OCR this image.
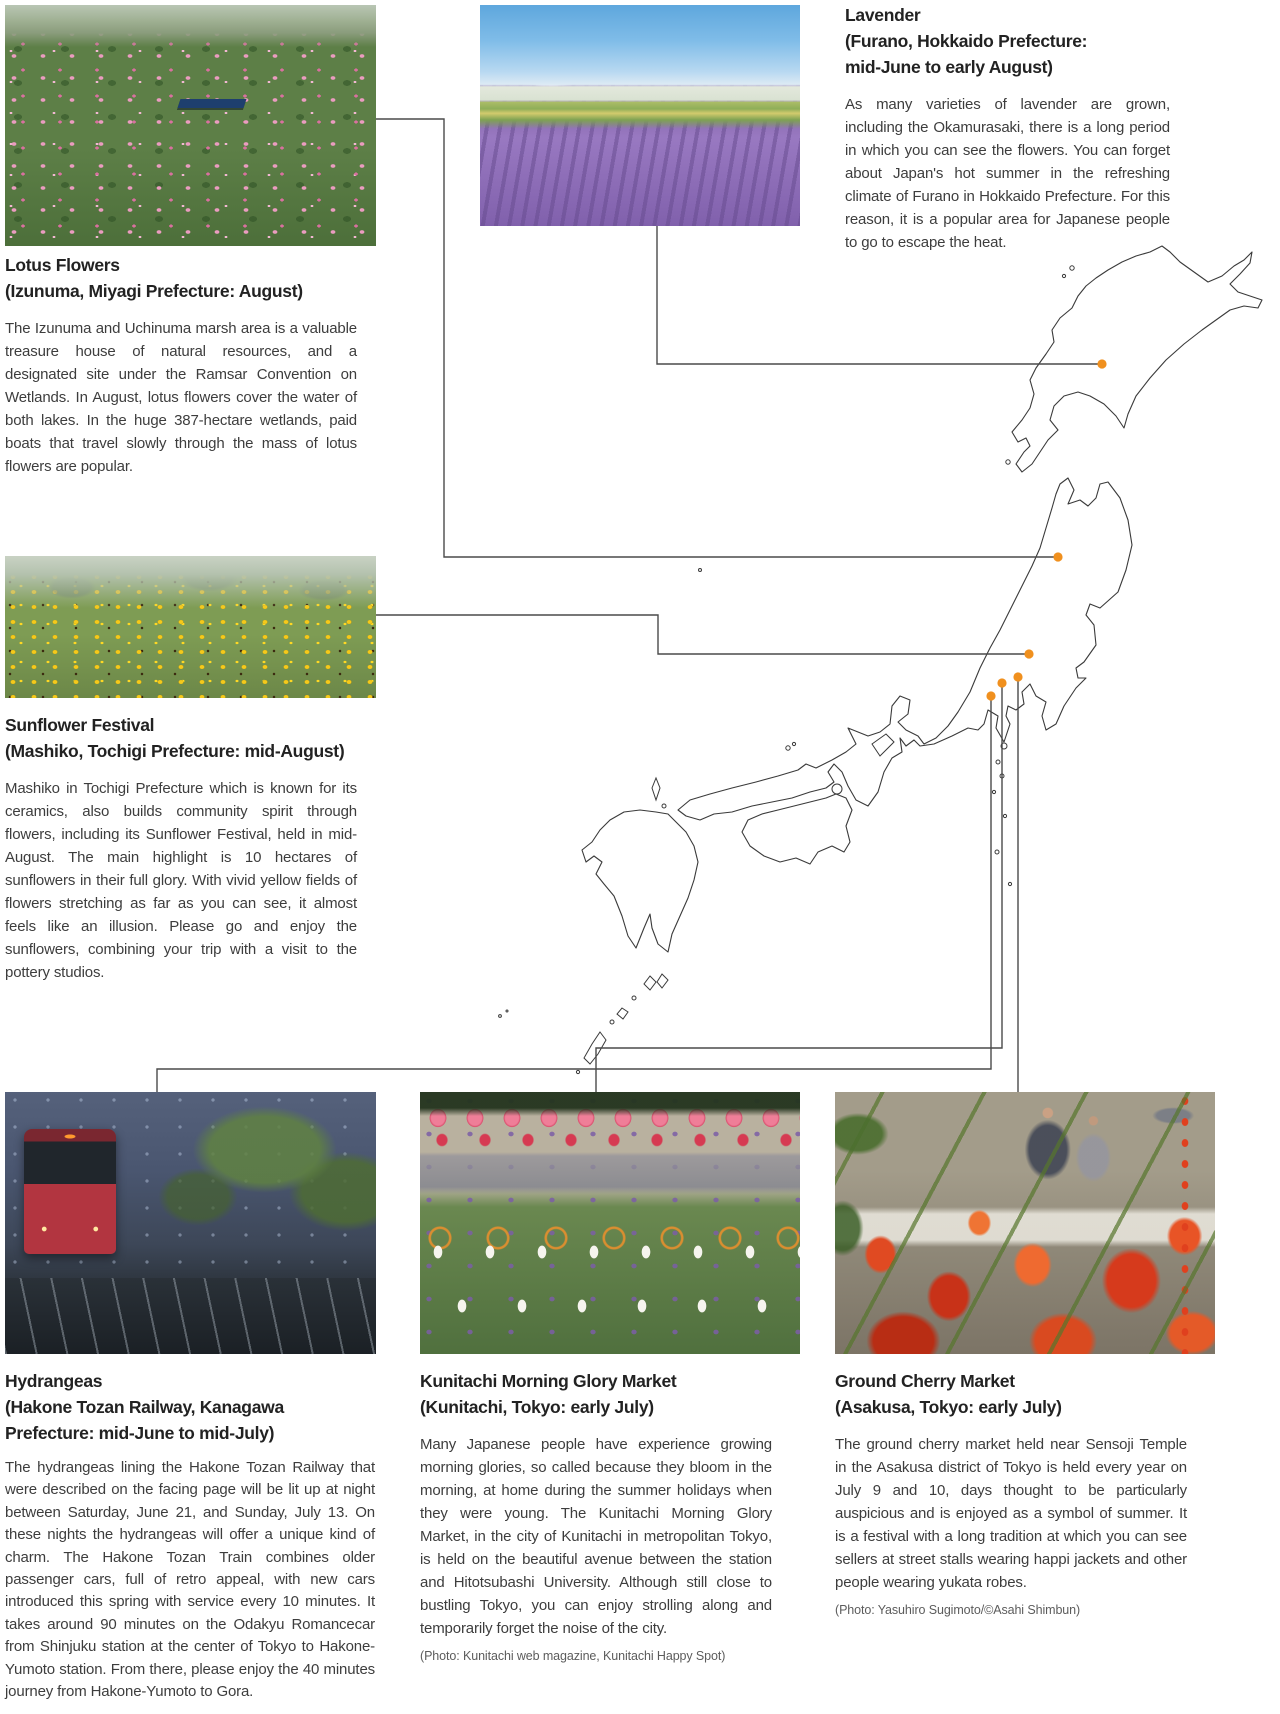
Lotus Flowers
(Izunuma, Miyagi Prefecture: August)
The Izunuma and Uchinuma marsh area is a valuable treasure house of natural resources, and a designated site under the Ramsar Convention on Wetlands. In August, lotus flowers cover the water of both lakes. In the huge 387-hectare wetlands, paid boats that travel slowly through the mass of lotus flowers are popular.
Lavender
(Furano, Hokkaido Prefecture: mid-June to early August)
As many varieties of lavender are grown, including the Okamurasaki, there is a long period in which you can see the flowers. You can forget about Japan's hot summer in the refreshing climate of Furano in Hokkaido Prefecture. For this reason, it is a popular area for Japanese people to go to escape the heat.
Sunflower Festival
(Mashiko, Tochigi Prefecture: mid-August)
Mashiko in Tochigi Prefecture which is known for its ceramics, also builds community spirit through flowers, including its Sunflower Festival, held in mid-August. The main highlight is 10 hectares of sunflowers in their full glory. With vivid yellow fields of flowers stretching as far as you can see, it almost feels like an illusion. Please go and enjoy the sunflowers, combining your trip with a visit to the pottery studios.
Hydrangeas
(Hakone Tozan Railway, Kanagawa Prefecture: mid-June to mid-July)
The hydrangeas lining the Hakone Tozan Railway that were described on the facing page will be lit up at night between Saturday, June 21, and Sunday, July 13. On these nights the hydrangeas will offer a unique kind of charm. The Hakone Tozan Train combines older passenger cars, full of retro appeal, with new cars introduced this spring with service every 10 minutes. It takes around 90 minutes on the Odakyu Romancecar from Shinjuku station at the center of Tokyo to Hakone-Yumoto station. From there, please enjoy the 40 minutes journey from Hakone-Yumoto to Gora.
Kunitachi Morning Glory Market
(Kunitachi, Tokyo: early July)
Many Japanese people have experience growing morning glories, so called because they bloom in the morning, at home during the summer holidays when they were young. The Kunitachi Morning Glory Market, in the city of Kunitachi in metropolitan Tokyo, is held on the beautiful avenue between the station and Hitotsubashi University. Although still close to bustling Tokyo, you can enjoy strolling along and temporarily forget the noise of the city.
(Photo: Kunitachi web magazine, Kunitachi Happy Spot)
Ground Cherry Market
(Asakusa, Tokyo: early July)
The ground cherry market held near Sensoji Temple in the Asakusa district of Tokyo is held every year on July 9 and 10, days thought to be particularly auspicious and is enjoyed as a symbol of summer. It is a festival with a long tradition at which you can see sellers at street stalls wearing happi jackets and other people wearing yukata robes.
(Photo: Yasuhiro Sugimoto/©Asahi Shimbun)
